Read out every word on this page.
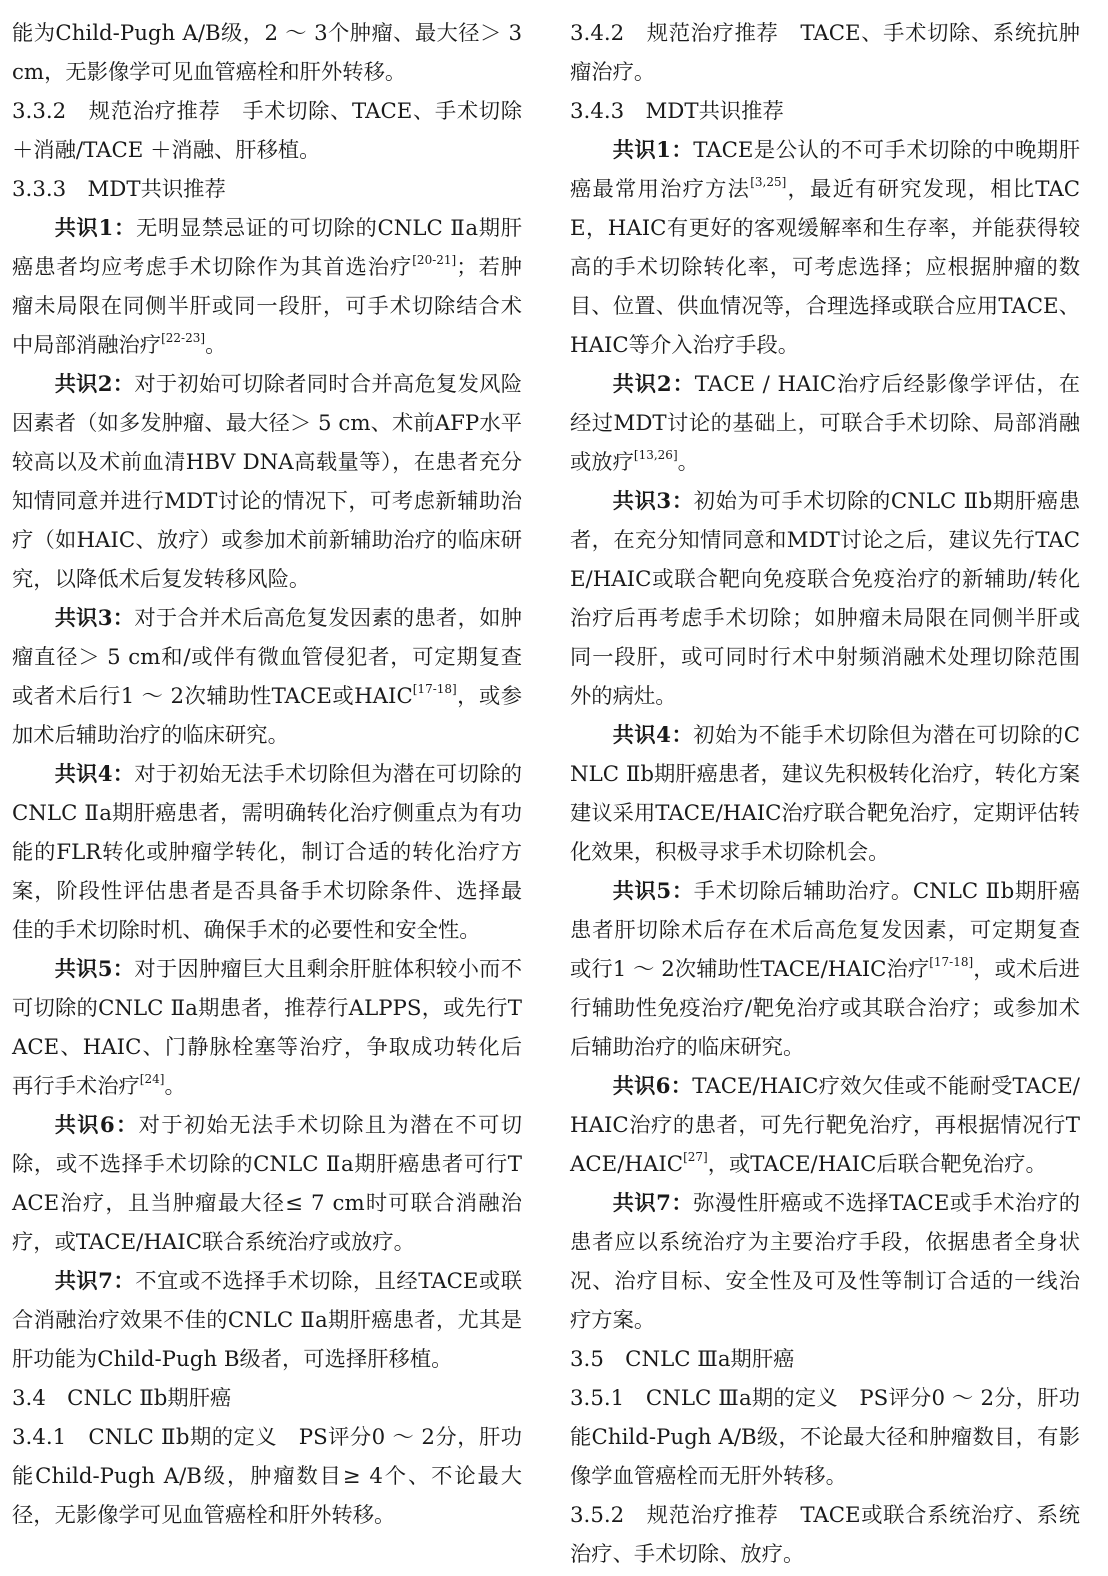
能为Child-Pugh A/B级，2 ～ 3个肿瘤、最大径＞ 3 cm，无影像学可见血管癌栓和肝外转移。

3.3.2　规范治疗推荐　手术切除、TACE、手术切除＋消融/TACE ＋消融、肝移植。

3.3.3　MDT共识推荐

共识1：无明显禁忌证的可切除的CNLC Ⅱa期肝癌患者均应考虑手术切除作为其首选治疗[20-21]；若肿瘤未局限在同侧半肝或同一段肝，可手术切除结合术中局部消融治疗[22-23]。

共识2：对于初始可切除者同时合并高危复发风险因素者（如多发肿瘤、最大径＞ 5 cm、术前AFP水平较高以及术前血清HBV DNA高载量等），在患者充分知情同意并进行MDT讨论的情况下，可考虑新辅助治疗（如HAIC、放疗）或参加术前新辅助治疗的临床研究，以降低术后复发转移风险。

共识3：对于合并术后高危复发因素的患者，如肿瘤直径＞ 5 cm和/或伴有微血管侵犯者，可定期复查或者术后行1 ～ 2次辅助性TACE或HAIC[17-18]，或参加术后辅助治疗的临床研究。

共识4：对于初始无法手术切除但为潜在可切除的CNLC Ⅱa期肝癌患者，需明确转化治疗侧重点为有功能的FLR转化或肿瘤学转化，制订合适的转化治疗方案，阶段性评估患者是否具备手术切除条件、选择最佳的手术切除时机、确保手术的必要性和安全性。

共识5：对于因肿瘤巨大且剩余肝脏体积较小而不可切除的CNLC Ⅱa期患者，推荐行ALPPS，或先行TACE、HAIC、门静脉栓塞等治疗，争取成功转化后再行手术治疗[24]。

共识6：对于初始无法手术切除且为潜在不可切除，或不选择手术切除的CNLC Ⅱa期肝癌患者可行TACE治疗，且当肿瘤最大径≤ 7 cm时可联合消融治疗，或TACE/HAIC联合系统治疗或放疗。

共识7：不宜或不选择手术切除，且经TACE或联合消融治疗效果不佳的CNLC Ⅱa期肝癌患者，尤其是肝功能为Child-Pugh B级者，可选择肝移植。

3.4　CNLC Ⅱb期肝癌

3.4.1　CNLC Ⅱb期的定义　PS评分0 ～ 2分，肝功能Child-Pugh A/B级，肿瘤数目≥ 4个、不论最大径，无影像学可见血管癌栓和肝外转移。

3.4.2　规范治疗推荐　TACE、手术切除、系统抗肿瘤治疗。

3.4.3　MDT共识推荐

共识1：TACE是公认的不可手术切除的中晚期肝癌最常用治疗方法[3,25]，最近有研究发现，相比TACE，HAIC有更好的客观缓解率和生存率，并能获得较高的手术切除转化率，可考虑选择；应根据肿瘤的数目、位置、供血情况等，合理选择或联合应用TACE、HAIC等介入治疗手段。

共识2：TACE / HAIC治疗后经影像学评估，在经过MDT讨论的基础上，可联合手术切除、局部消融或放疗[13,26]。

共识3：初始为可手术切除的CNLC Ⅱb期肝癌患者，在充分知情同意和MDT讨论之后，建议先行TACE/HAIC或联合靶向免疫联合免疫治疗的新辅助/转化治疗后再考虑手术切除；如肿瘤未局限在同侧半肝或同一段肝，或可同时行术中射频消融术处理切除范围外的病灶。

共识4：初始为不能手术切除但为潜在可切除的CNLC Ⅱb期肝癌患者，建议先积极转化治疗，转化方案建议采用TACE/HAIC治疗联合靶免治疗，定期评估转化效果，积极寻求手术切除机会。

共识5：手术切除后辅助治疗。CNLC Ⅱb期肝癌患者肝切除术后存在术后高危复发因素，可定期复查或行1 ～ 2次辅助性TACE/HAIC治疗[17-18]，或术后进行辅助性免疫治疗/靶免治疗或其联合治疗；或参加术后辅助治疗的临床研究。

共识6：TACE/HAIC疗效欠佳或不能耐受TACE/HAIC治疗的患者，可先行靶免治疗，再根据情况行TACE/HAIC[27]，或TACE/HAIC后联合靶免治疗。

共识7：弥漫性肝癌或不选择TACE或手术治疗的患者应以系统治疗为主要治疗手段，依据患者全身状况、治疗目标、安全性及可及性等制订合适的一线治疗方案。

3.5　CNLC Ⅲa期肝癌

3.5.1　CNLC Ⅲa期的定义　PS评分0 ～ 2分，肝功能Child-Pugh A/B级，不论最大径和肿瘤数目，有影像学血管癌栓而无肝外转移。

3.5.2　规范治疗推荐　TACE或联合系统治疗、系统治疗、手术切除、放疗。
